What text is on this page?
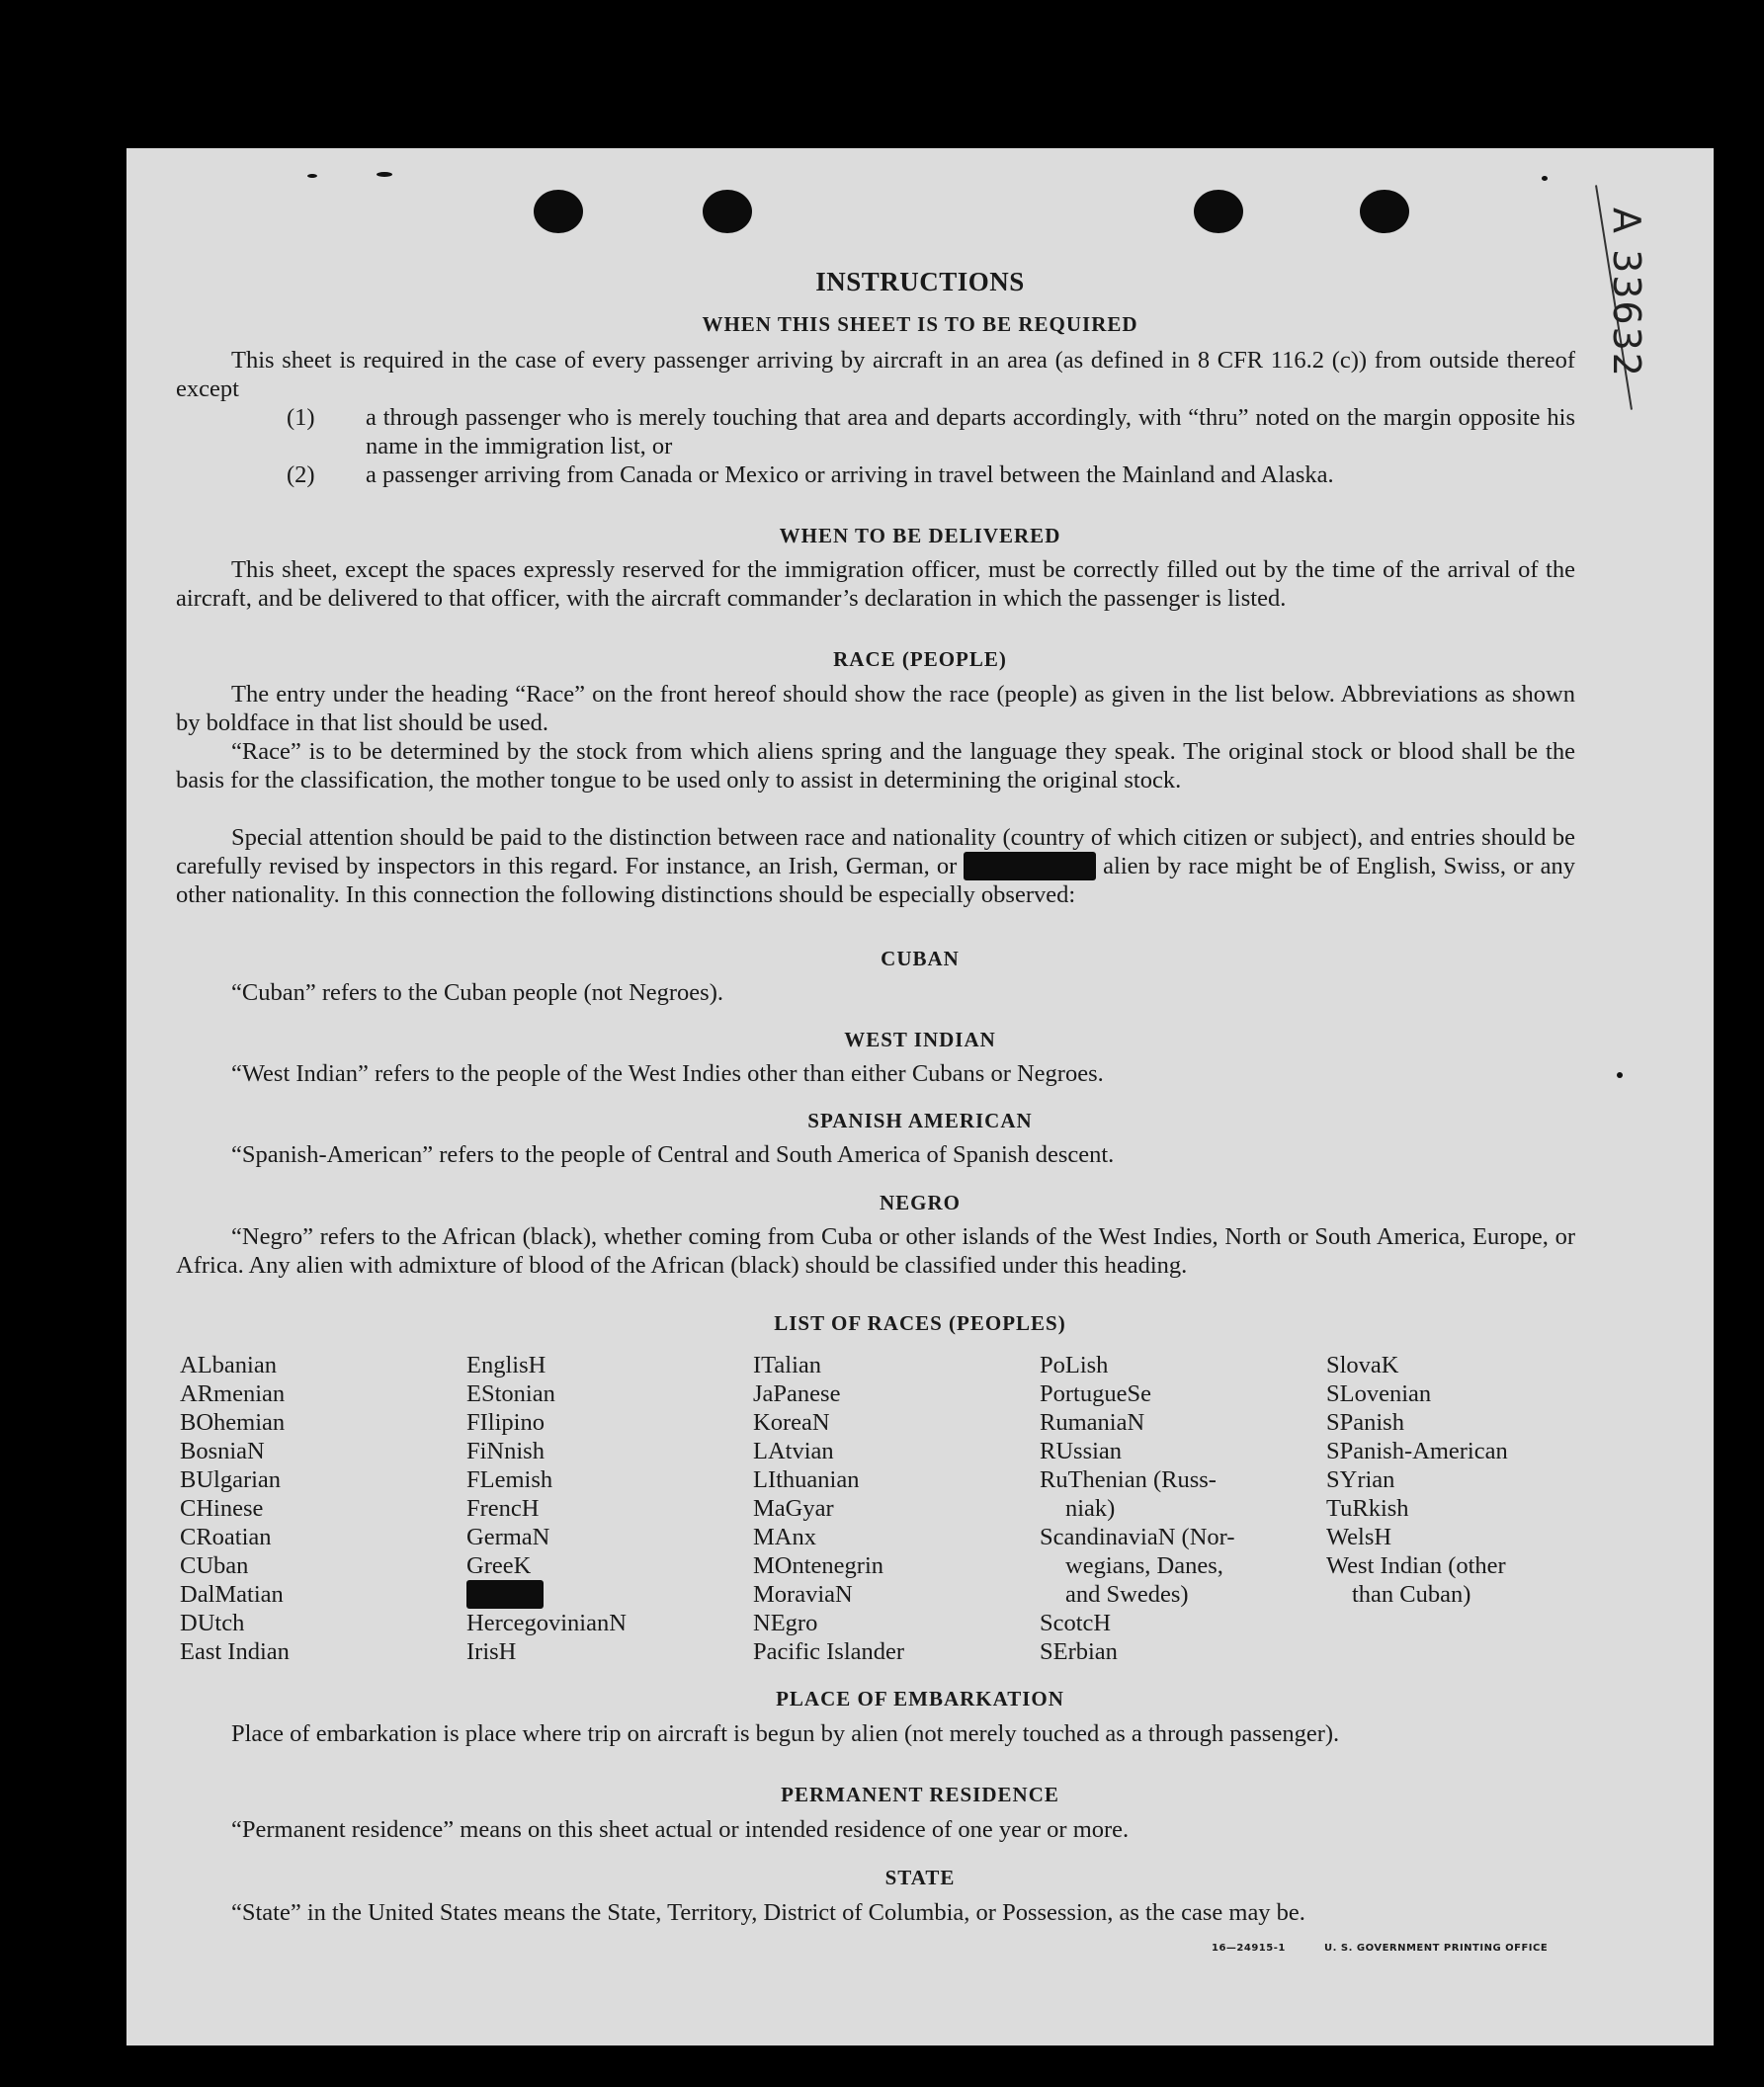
A 33632
INSTRUCTIONS
WHEN THIS SHEET IS TO BE REQUIRED
This sheet is required in the case of every passenger arriving by aircraft in an area (as defined in 8 CFR 116.2 (c)) from outside thereof except
(1) a through passenger who is merely touching that area and departs accordingly, with “thru” noted on the margin opposite his name in the immigration list, or
(2) a passenger arriving from Canada or Mexico or arriving in travel between the Mainland and Alaska.
WHEN TO BE DELIVERED
This sheet, except the spaces expressly reserved for the immigration officer, must be correctly filled out by the time of the arrival of the aircraft, and be delivered to that officer, with the aircraft commander’s declaration in which the passenger is listed.
RACE (PEOPLE)
The entry under the heading “Race” on the front hereof should show the race (people) as given in the list below. Abbreviations as shown by boldface in that list should be used.
“Race” is to be determined by the stock from which aliens spring and the language they speak. The original stock or blood shall be the basis for the classification, the mother tongue to be used only to assist in determining the original stock.
Special attention should be paid to the distinction between race and nationality (country of which citizen or subject), and entries should be carefully revised by inspectors in this regard. For instance, an Irish, German, or	alien by race might be of English, Swiss, or any other nationality. In this connection the following distinctions should be especially observed:
CUBAN
“Cuban” refers to the Cuban people (not Negroes).
WEST INDIAN
“West Indian” refers to the people of the West Indies other than either Cubans or Negroes.
SPANISH AMERICAN
“Spanish-American” refers to the people of Central and South America of Spanish descent.
NEGRO
“Negro” refers to the African (black), whether coming from Cuba or other islands of the West Indies, North or South America, Europe, or Africa. Any alien with admixture of blood of the African (black) should be classified under this heading.
LIST OF RACES (PEOPLES)
ALbanian
ARmenian
BOhemian
BosniaN
BUlgarian
CHinese
CRoatian
CUban
DalMatian
DUtch
East Indian
EnglisH
EStonian
FIlipino
FiNnish
FLemish
FrencH
GermaN
GreeK
HercegovinianN
IrisH
ITalian
JaPanese
KoreaN
LAtvian
LIthuanian
MaGyar
MAnx
MOntenegrin
MoraviaN
NEgro
Pacific Islander
PoLish
PortugueSe
RumaniaN
RUssian
RuThenian (Russ-
niak)
ScandinaviaN (Nor-
wegians, Danes,
and Swedes)
ScotcH
SErbian
SlovaK
SLovenian
SPanish
SPanish-American
SYrian
TuRkish
WelsH
West Indian (other
than Cuban)
PLACE OF EMBARKATION
Place of embarkation is place where trip on aircraft is begun by alien (not merely touched as a through passenger).
PERMANENT RESIDENCE
“Permanent residence” means on this sheet actual or intended residence of one year or more.
STATE
“State” in the United States means the State, Territory, District of Columbia, or Possession, as the case may be.
16—24915-1	U. S. GOVERNMENT PRINTING OFFICE
